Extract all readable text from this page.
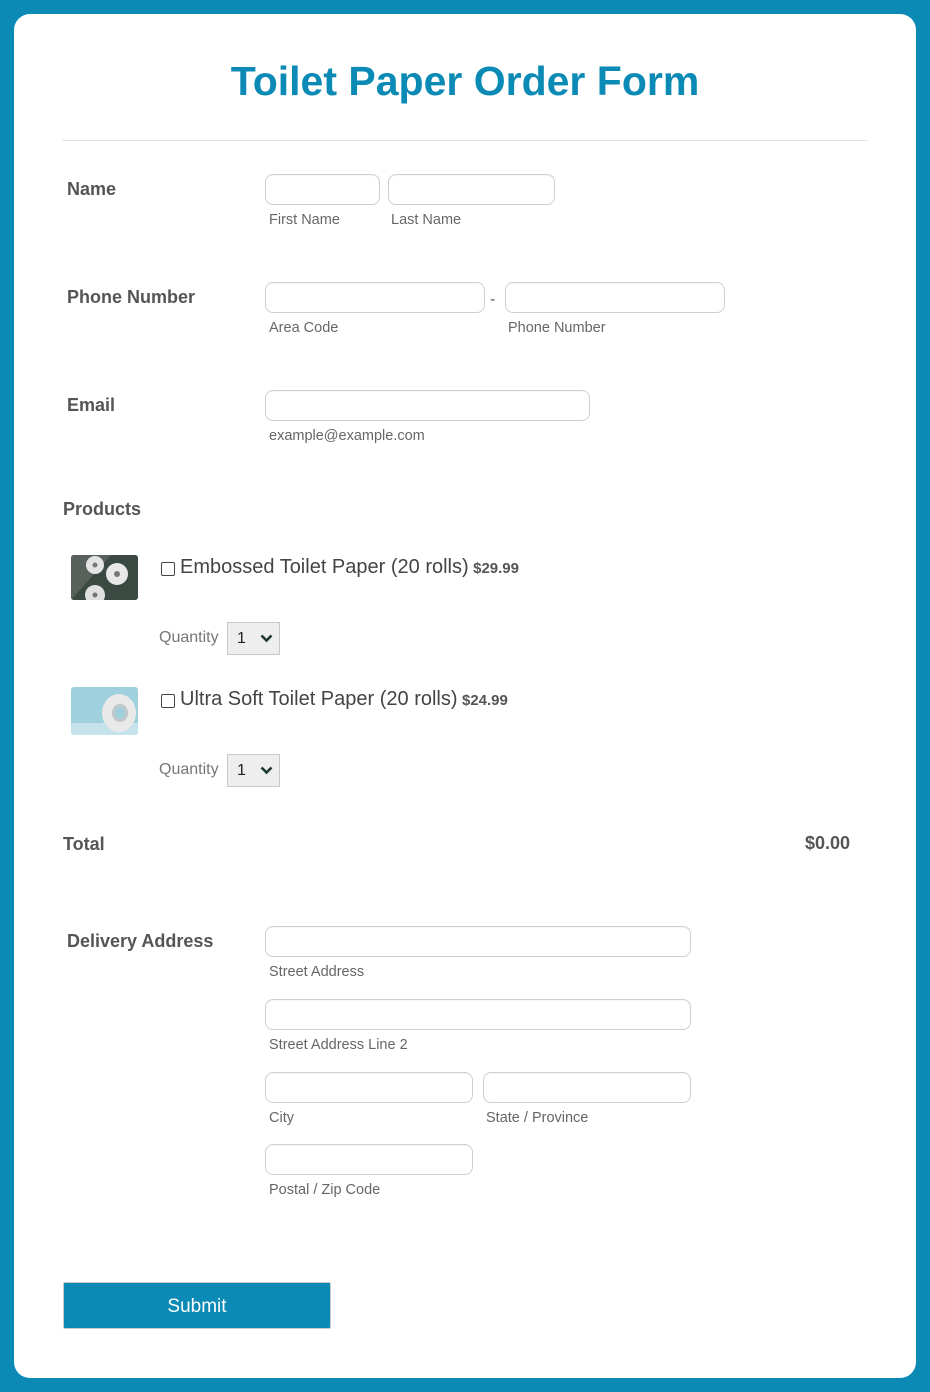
Toilet Paper Order Form
Name
First Name	Last Name
Phone Number	-
Area Code	Phone Number
Email
example@example.com
Products
Embossed Toilet Paper (20 rolls) $29.99
Quantity 1
Ultra Soft Toilet Paper (20 rolls) $24.99
Quantity 1
Total	$0.00
Delivery Address
Street Address
Street Address Line 2
City	State / Province
Postal / Zip Code
Submit
